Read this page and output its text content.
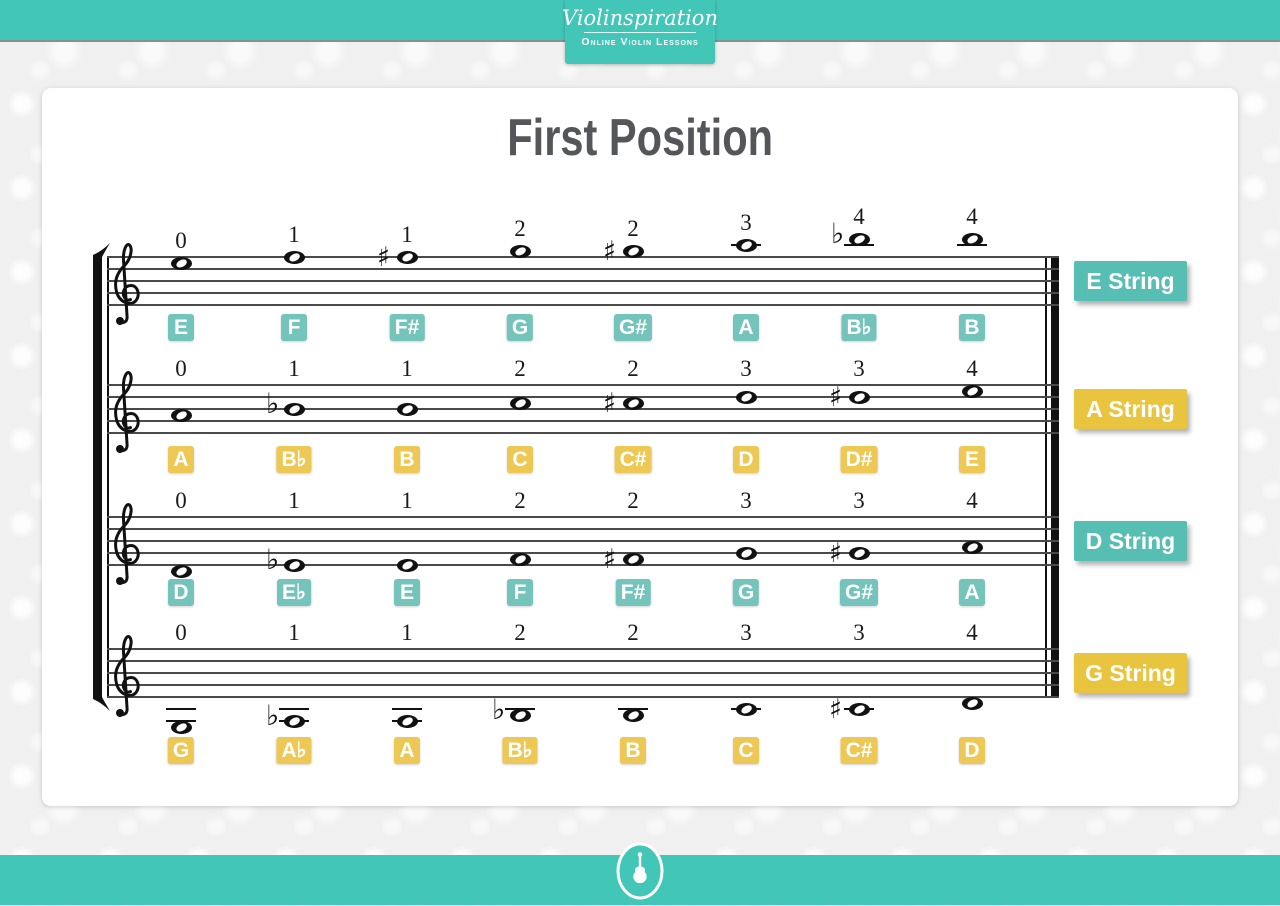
Violinspiration
Online Violin Lessons
First Position
0
E
1
F
♯
1
F#
2
G
♯
2
G#
3
A
♭
4
B♭
4
B
E String
0
A
♭
1
B♭
1
B
2
C
♯
2
C#
3
D
♯
3
D#
4
E
A String
0
D
♭
1
E♭
1
E
2
F
♯
2
F#
3
G
♯
3
G#
4
A
D String
0
G
♭
1
A♭
1
A
♭
2
B♭
2
B
3
C
♯
3
C#
4
D
G String
